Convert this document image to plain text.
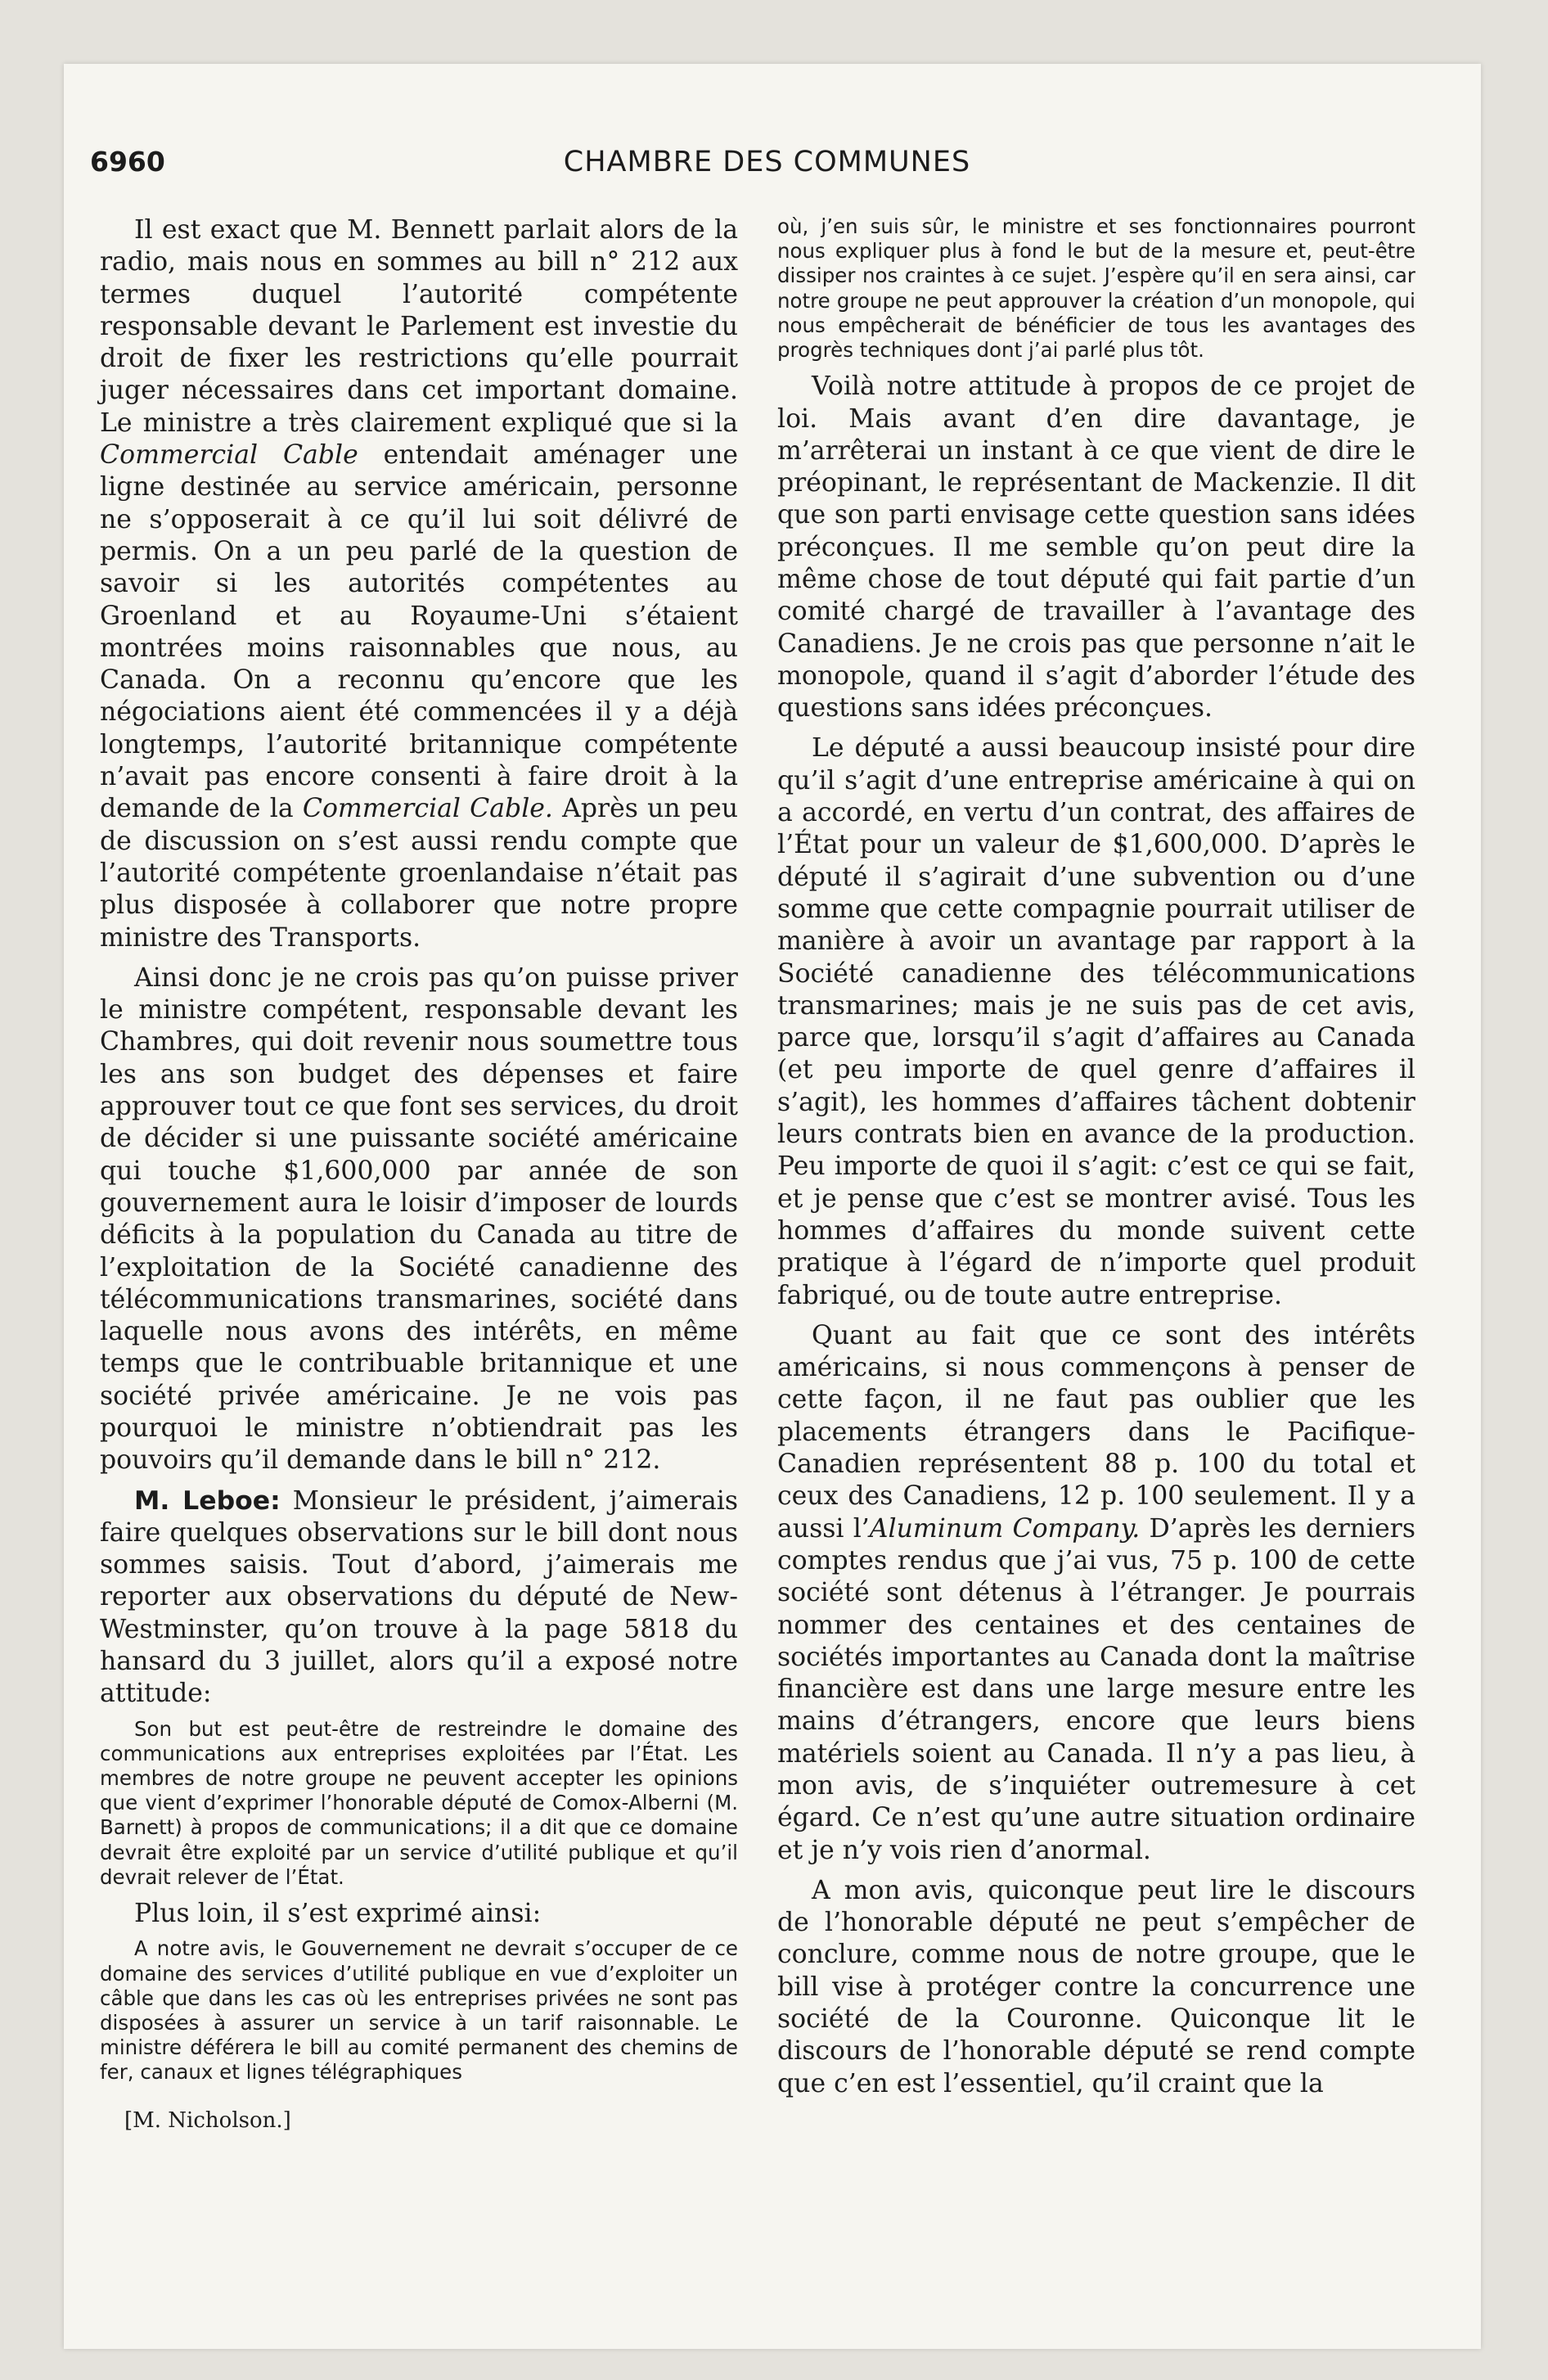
6960	CHAMBRE DES COMMUNES

Il est exact que M. Bennett parlait alors de la radio, mais nous en sommes au bill n° 212 aux termes duquel l’autorité compétente responsable devant le Parlement est investie du droit de fixer les restrictions qu’elle pourrait juger nécessaires dans cet important domaine. Le ministre a très clairement expliqué que si la Commercial Cable entendait aménager une ligne destinée au service américain, personne ne s’opposerait à ce qu’il lui soit délivré de permis. On a un peu parlé de la question de savoir si les autorités compétentes au Groenland et au Royaume-Uni s’étaient montrées moins raisonnables que nous, au Canada. On a reconnu qu’encore que les négociations aient été commencées il y a déjà longtemps, l’autorité britannique compétente n’avait pas encore consenti à faire droit à la demande de la Commercial Cable. Après un peu de discussion on s’est aussi rendu compte que l’autorité compétente groenlandaise n’était pas plus disposée à collaborer que notre propre ministre des Transports.

Ainsi donc je ne crois pas qu’on puisse priver le ministre compétent, responsable devant les Chambres, qui doit revenir nous soumettre tous les ans son budget des dépenses et faire approuver tout ce que font ses services, du droit de décider si une puissante société américaine qui touche $1,600,000 par année de son gouvernement aura le loisir d’imposer de lourds déficits à la population du Canada au titre de l’exploitation de la Société canadienne des télécommunications transmarines, société dans laquelle nous avons des intérêts, en même temps que le contribuable britannique et une société privée américaine. Je ne vois pas pourquoi le ministre n’obtiendrait pas les pouvoirs qu’il demande dans le bill n° 212.

M. Leboe: Monsieur le président, j’aimerais faire quelques observations sur le bill dont nous sommes saisis. Tout d’abord, j’aimerais me reporter aux observations du député de New-Westminster, qu’on trouve à la page 5818 du hansard du 3 juillet, alors qu’il a exposé notre attitude:

Son but est peut-être de restreindre le domaine des communications aux entreprises exploitées par l’État. Les membres de notre groupe ne peuvent accepter les opinions que vient d’exprimer l’honorable député de Comox-Alberni (M. Barnett) à propos de communications; il a dit que ce domaine devrait être exploité par un service d’utilité publique et qu’il devrait relever de l’État.

Plus loin, il s’est exprimé ainsi:

A notre avis, le Gouvernement ne devrait s’occuper de ce domaine des services d’utilité publique en vue d’exploiter un câble que dans les cas où les entreprises privées ne sont pas disposées à assurer un service à un tarif raisonnable. Le ministre déférera le bill au comité permanent des chemins de fer, canaux et lignes télégraphiques

[M. Nicholson.]

où, j’en suis sûr, le ministre et ses fonctionnaires pourront nous expliquer plus à fond le but de la mesure et, peut-être dissiper nos craintes à ce sujet. J’espère qu’il en sera ainsi, car notre groupe ne peut approuver la création d’un monopole, qui nous empêcherait de bénéficier de tous les avantages des progrès techniques dont j’ai parlé plus tôt.

Voilà notre attitude à propos de ce projet de loi. Mais avant d’en dire davantage, je m’arrêterai un instant à ce que vient de dire le préopinant, le représentant de Mackenzie. Il dit que son parti envisage cette question sans idées préconçues. Il me semble qu’on peut dire la même chose de tout député qui fait partie d’un comité chargé de travailler à l’avantage des Canadiens. Je ne crois pas que personne n’ait le monopole, quand il s’agit d’aborder l’étude des questions sans idées préconçues.

Le député a aussi beaucoup insisté pour dire qu’il s’agit d’une entreprise américaine à qui on a accordé, en vertu d’un contrat, des affaires de l’État pour un valeur de $1,600,000. D’après le député il s’agirait d’une subvention ou d’une somme que cette compagnie pourrait utiliser de manière à avoir un avantage par rapport à la Société canadienne des télécommunications transmarines; mais je ne suis pas de cet avis, parce que, lorsqu’il s’agit d’affaires au Canada (et peu importe de quel genre d’affaires il s’agit), les hommes d’affaires tâchent dobtenir leurs contrats bien en avance de la production. Peu importe de quoi il s’agit: c’est ce qui se fait, et je pense que c’est se montrer avisé. Tous les hommes d’affaires du monde suivent cette pratique à l’égard de n’importe quel produit fabriqué, ou de toute autre entreprise.

Quant au fait que ce sont des intérêts américains, si nous commençons à penser de cette façon, il ne faut pas oublier que les placements étrangers dans le Pacifique-Canadien représentent 88 p. 100 du total et ceux des Canadiens, 12 p. 100 seulement. Il y a aussi l’Aluminum Company. D’après les derniers comptes rendus que j’ai vus, 75 p. 100 de cette société sont détenus à l’étranger. Je pourrais nommer des centaines et des centaines de sociétés importantes au Canada dont la maîtrise financière est dans une large mesure entre les mains d’étrangers, encore que leurs biens matériels soient au Canada. Il n’y a pas lieu, à mon avis, de s’inquiéter outremesure à cet égard. Ce n’est qu’une autre situation ordinaire et je n’y vois rien d’anormal.

A mon avis, quiconque peut lire le discours de l’honorable député ne peut s’empêcher de conclure, comme nous de notre groupe, que le bill vise à protéger contre la concurrence une société de la Couronne. Quiconque lit le discours de l’honorable député se rend compte que c’en est l’essentiel, qu’il craint que la
